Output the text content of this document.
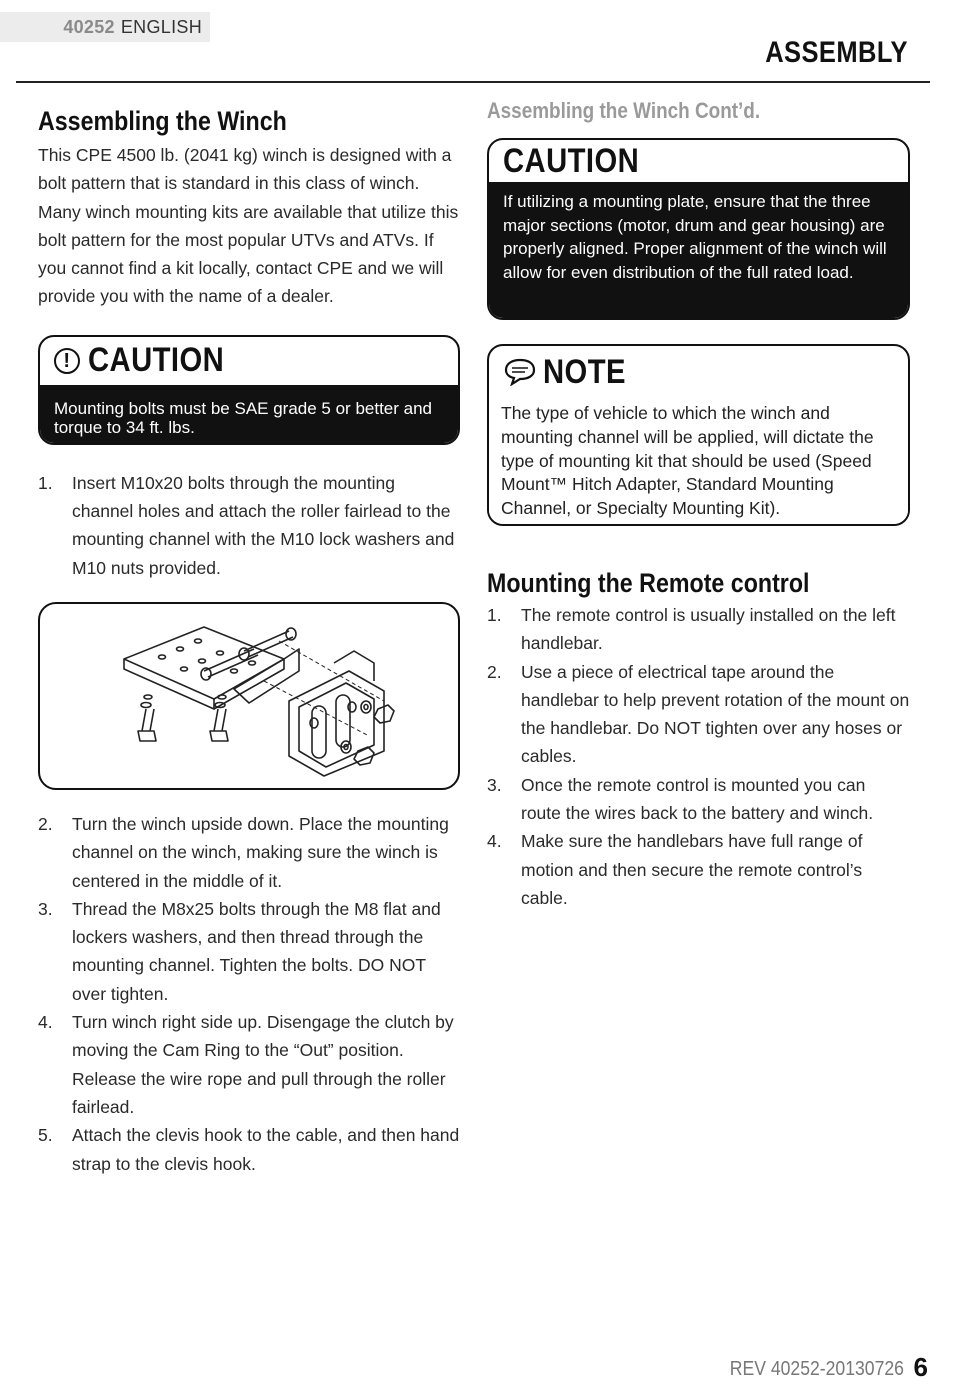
40252 ENGLISH
ASSEMBLY
Assembling the Winch

This CPE 4500 lb. (2041 kg) winch is designed with a bolt pattern that is standard in this class of winch. Many winch mounting kits are available that utilize this bolt pattern for the most popular UTVs and ATVs. If you cannot find a kit locally, contact CPE and we will provide you with the name of a dealer.

! CAUTION
Mounting bolts must be SAE grade 5 or better and torque to 34 ft. lbs.
1. Insert M10x20 bolts through the mounting channel holes and attach the roller fairlead to the mounting channel with the M10 lock washers and M10 nuts provided.
2. Turn the winch upside down. Place the mounting channel on the winch, making sure the winch is centered in the middle of it.
3. Thread the M8x25 bolts through the M8 flat and lockers washers, and then thread through the mounting channel. Tighten the bolts. DO NOT over tighten.
4. Turn winch right side up. Disengage the clutch by moving the Cam Ring to the “Out” position. Release the wire rope and pull through the roller fairlead.
5. Attach the clevis hook to the cable, and then hand strap to the clevis hook.
Assembling the Winch Cont’d.
CAUTION
If utilizing a mounting plate, ensure that the three major sections (motor, drum and gear housing) are properly aligned. Proper alignment of the winch will allow for even distribution of the full rated load.
NOTE
The type of vehicle to which the winch and mounting channel will be applied, will dictate the type of mounting kit that should be used (Speed Mount™ Hitch Adapter, Standard Mounting Channel, or Specialty Mounting Kit).
Mounting the Remote control
1. The remote control is usually installed on the left handlebar.
2. Use a piece of electrical tape around the handlebar to help prevent rotation of the mount on the handlebar. Do NOT tighten over any hoses or cables.
3. Once the remote control is mounted you can route the wires back to the battery and winch.
4. Make sure the handlebars have full range of motion and then secure the remote control’s cable.
REV 40252-20130726 6
